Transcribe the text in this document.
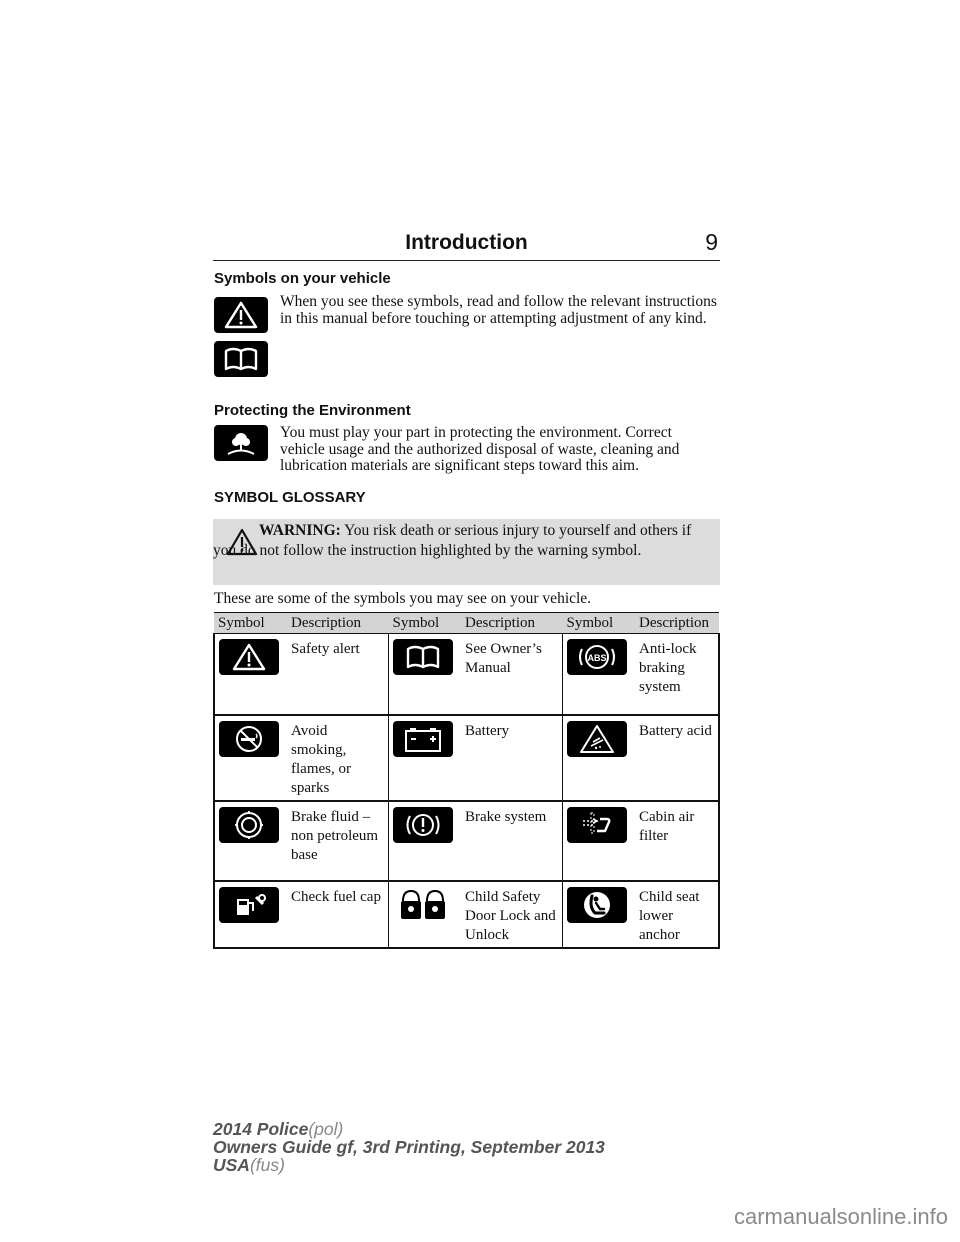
Introduction	9
Symbols on your vehicle
When you see these symbols, read and follow the relevant instructions in this manual before touching or attempting adjustment of any kind.
Protecting the Environment
You must play your part in protecting the environment. Correct vehicle usage and the authorized disposal of waste, cleaning and lubrication materials are significant steps toward this aim.
SYMBOL GLOSSARY
WARNING: You risk death or serious injury to yourself and others if you do not follow the instruction highlighted by the warning symbol.
These are some of the symbols you may see on your vehicle.
Symbol	Description	Symbol	Description	Symbol	Description

	Safety alert		See Owner’s Manual	ABS	Anti-lock braking system

	Avoid smoking, flames, or sparks		Battery		Battery acid

	Brake fluid – non petroleum base		Brake system		Cabin air filter

	Check fuel cap		Child Safety Door Lock and Unlock		Child seat lower anchor
2014 Police(pol)
Owners Guide gf, 3rd Printing, September 2013
USA(fus)
carmanualsonline.info
